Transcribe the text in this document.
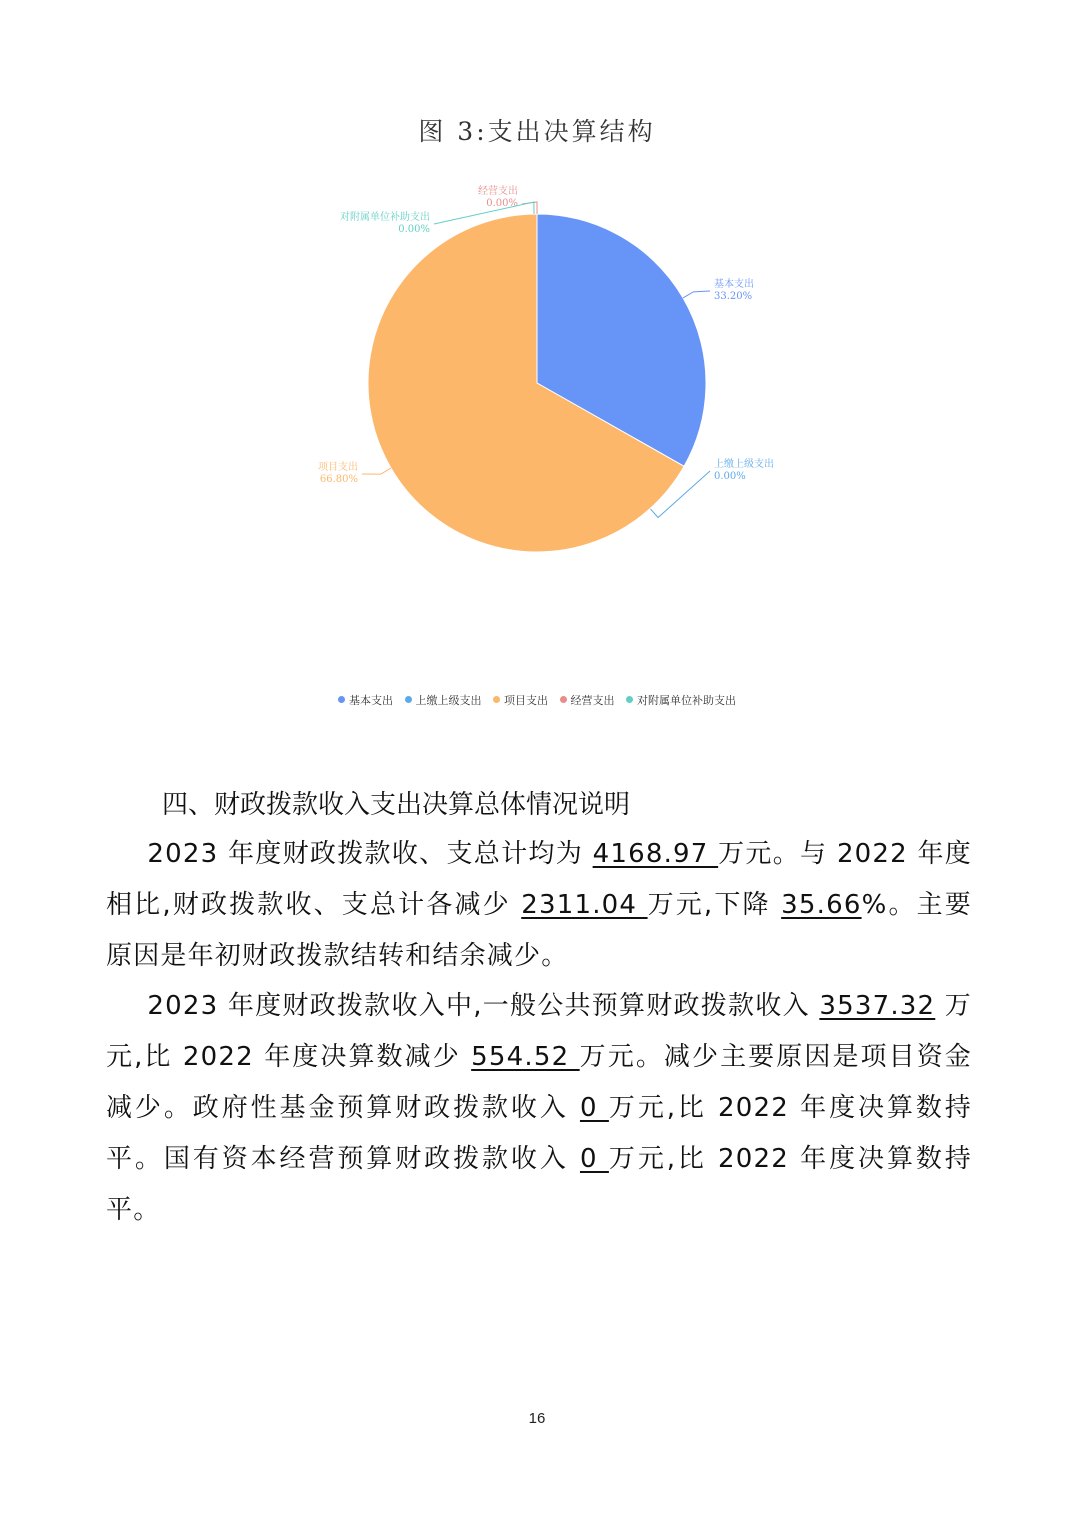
图 3:支出决算结构
基本支出
33.20%
上缴上级支出
0.00%
项目支出
66.80%
经营支出
0.00%
对附属单位补助支出
0.00%
基本支出 上缴上级支出 项目支出 经营支出 对附属单位补助支出
四、财政拨款收入支出决算总体情况说明
  2023 年度财政拨款收、支总计均为 4168.97 万元。与 2022 年度相比,财政拨款收、支总计各减少 2311.04 万元,下降 35.66%。主要原因是年初财政拨款结转和结余减少。
  2023 年度财政拨款收入中,一般公共预算财政拨款收入 3537.32 万元,比 2022 年度决算数减少 554.52 万元。减少主要原因是项目资金减少。政府性基金预算财政拨款收入 0 万元,比 2022 年度决算数持平。国有资本经营预算财政拨款收入 0 万元,比 2022 年度决算数持平。
16
